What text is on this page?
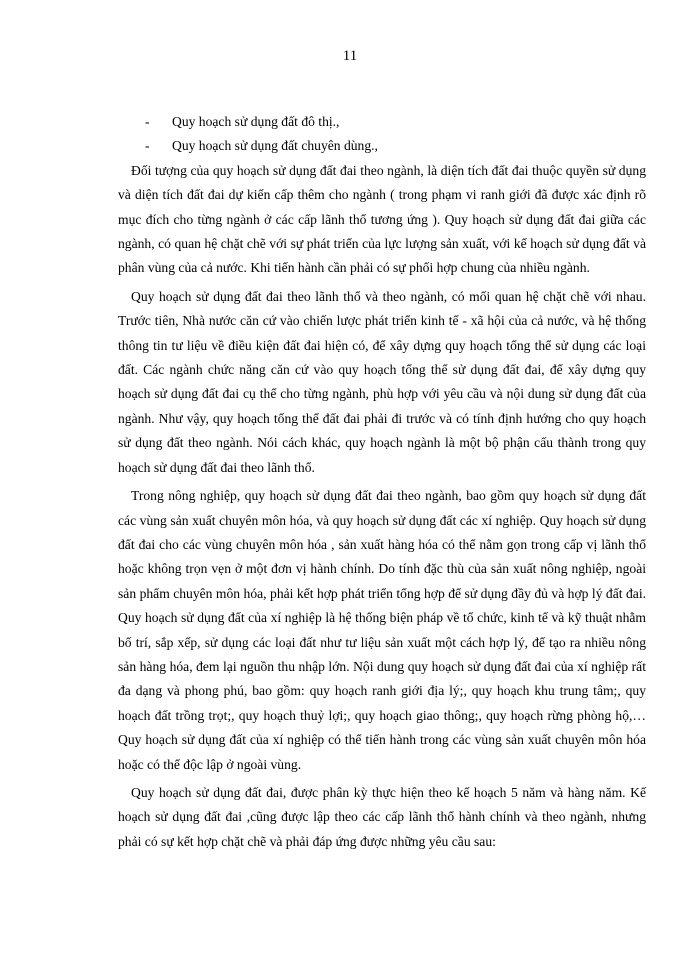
11

- Quy hoạch sử dụng đất đô thị.,

- Quy hoạch sử dụng đất chuyên dùng.,

Đối tượng của quy hoạch sử dụng đất đai theo ngành, là diện tích đất đai thuộc quyền sử dụng và diện tích đất đai dự kiến cấp thêm cho ngành ( trong phạm vi ranh giới đã được xác định rõ mục đích cho từng ngành ở các cấp lãnh thổ tương ứng ). Quy hoạch sử dụng đất đai giữa các ngành, có quan hệ chặt chẽ với sự phát triển của lực lượng sản xuất, với kế hoạch sử dụng đất và phân vùng của cả nước. Khi tiến hành cần phải có sự phối hợp chung của nhiều ngành.

Quy hoạch sử dụng đất đai theo lãnh thổ và theo ngành, có mối quan hệ chặt chẽ với nhau. Trước tiên, Nhà nước căn cứ vào chiến lược phát triển kinh tế - xã hội của cả nước, và hệ thống thông tin tư liệu về điều kiện đất đai hiện có, để xây dựng quy hoạch tổng thể sử dụng các loại đất. Các ngành chức năng căn cứ vào quy hoạch tổng thể sử dụng đất đai, để xây dựng quy hoạch sử dụng đất đai cụ thể cho từng ngành, phù hợp với yêu cầu và nội dung sử dụng đất của ngành. Như vậy, quy hoạch tổng thể đất đai phải đi trước và có tính định hướng cho quy hoạch sử dụng đất theo ngành. Nói cách khác, quy hoạch ngành là một bộ phận cấu thành trong quy hoạch sử dụng đất đai theo lãnh thổ.

Trong nông nghiệp, quy hoạch sử dụng đất đai theo ngành, bao gồm quy hoạch sử dụng đất các vùng sản xuất chuyên môn hóa, và quy hoạch sử dụng đất các xí nghiệp. Quy hoạch sử dụng đất đai cho các vùng chuyên môn hóa , sản xuất hàng hóa có thể nằm gọn trong cấp vị lãnh thổ hoặc không trọn vẹn ở một đơn vị hành chính. Do tính đặc thù của sản xuất nông nghiệp, ngoài sản phẩm chuyên môn hóa, phải kết hợp phát triển tổng hợp để sử dụng đầy đủ và hợp lý đất đai. Quy hoạch sử dụng đất của xí nghiệp là hệ thống biện pháp về tổ chức, kinh tế và kỹ thuật nhằm bố trí, sắp xếp, sử dụng các loại đất như tư liệu sản xuất một cách hợp lý, để tạo ra nhiều nông sản hàng hóa, đem lại nguồn thu nhập lớn. Nội dung quy hoạch sử dụng đất đai của xí nghiệp rất đa dạng và phong phú, bao gồm: quy hoạch ranh giới địa lý;, quy hoạch khu trung tâm;, quy hoạch đất trồng trọt;, quy hoạch thuỷ lợi;, quy hoạch giao thông;, quy hoạch rừng phòng hộ,… Quy hoạch sử dụng đất của xí nghiệp có thể tiến hành trong các vùng sản xuất chuyên môn hóa hoặc có thể độc lập ở ngoài vùng.

Quy hoạch sử dụng đất đai, được phân kỳ thực hiện theo kế hoạch 5 năm và hàng năm. Kế hoạch sử dụng đất đai ,cũng được lập theo các cấp lãnh thổ hành chính và theo ngành, nhưng phải có sự kết hợp chặt chẽ và phải đáp ứng được những yêu cầu sau:
